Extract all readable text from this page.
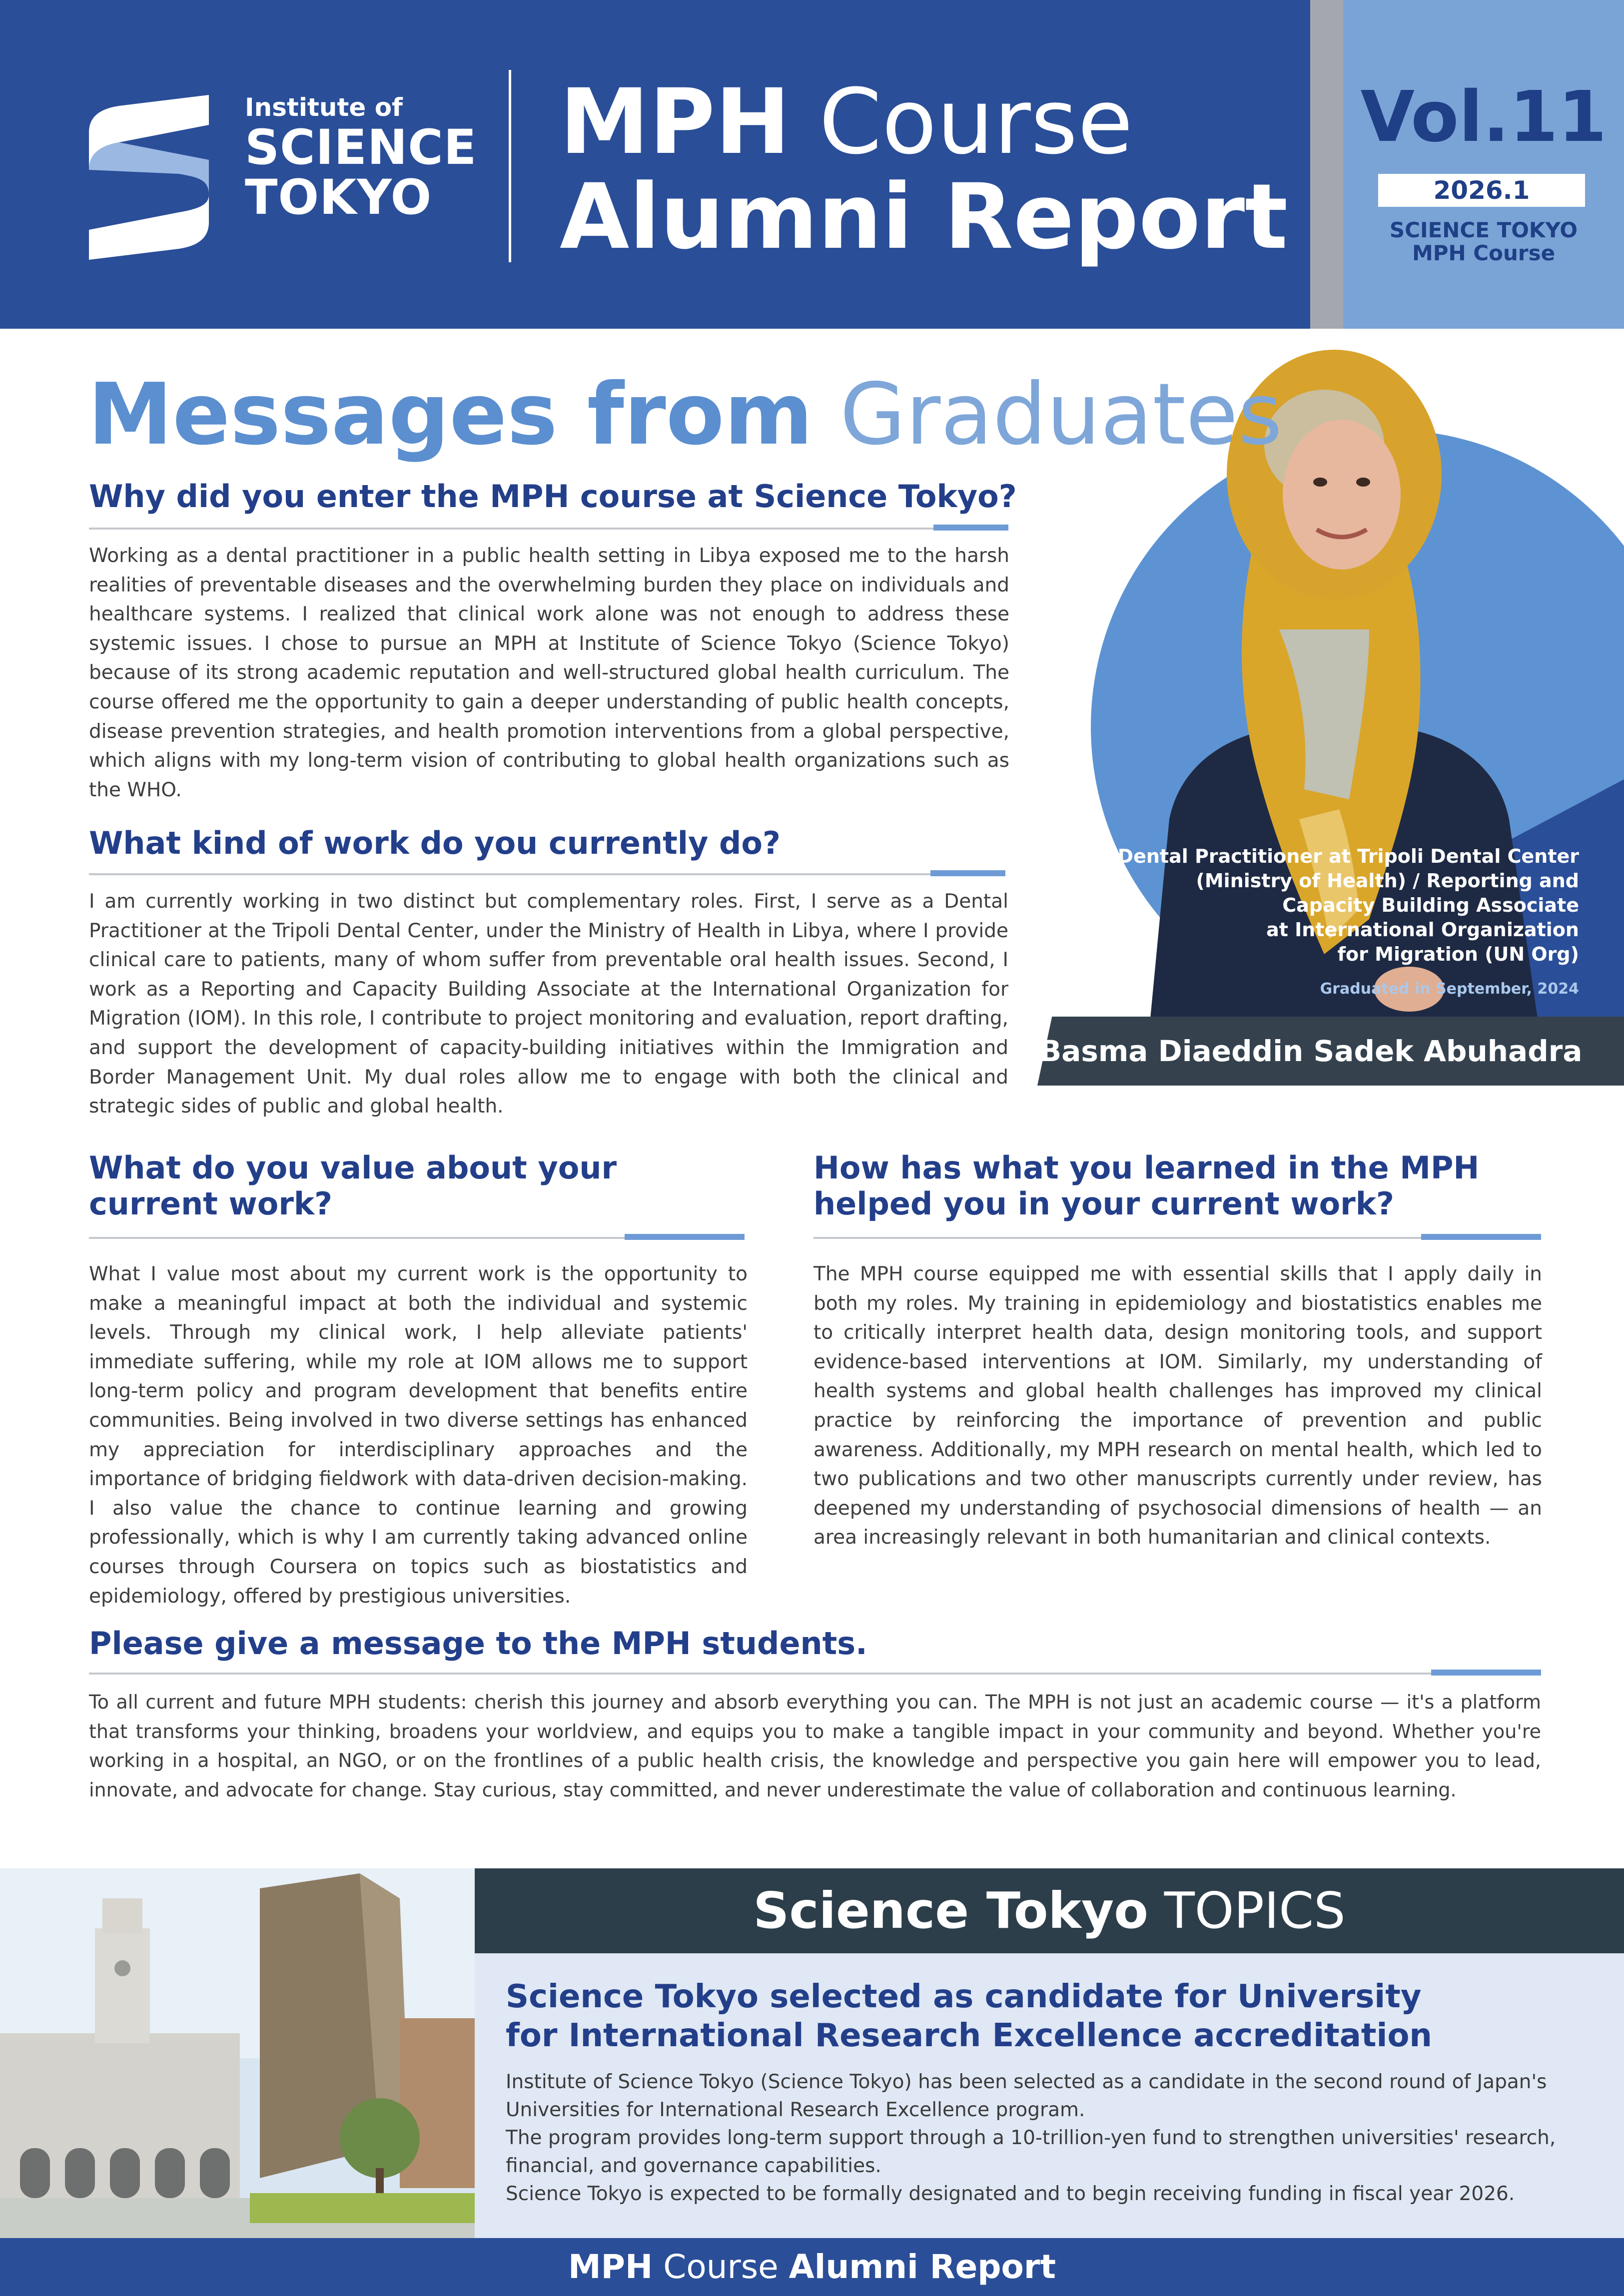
Institute of
SCIENCE
TOKYO
MPH Course
Alumni Report
Vol.11
2026.1
SCIENCE TOKYO
MPH Course
Dental Practitioner at Tripoli Dental Center
(Ministry of Health) / Reporting and
Capacity Building Associate
at International Organization
for Migration (UN Org)
Graduated in September, 2024
Basma Diaeddin Sadek Abuhadra
Messages from Graduates
Why did you enter the MPH course at Science Tokyo?
Working as a dental practitioner in a public health setting in Libya exposed me to the harsh realities of preventable diseases and the overwhelming burden they place on individuals and healthcare systems. I realized that clinical work alone was not enough to address these systemic issues. I chose to pursue an MPH at Institute of Science Tokyo (Science Tokyo) because of its strong academic reputation and well-structured global health curriculum. The course offered me the opportunity to gain a deeper understanding of public health concepts, disease prevention strategies, and health promotion interventions from a global perspective, which aligns with my long-term vision of contributing to global health organizations such as the WHO.
What kind of work do you currently do?
I am currently working in two distinct but complementary roles. First, I serve as a Dental Practitioner at the Tripoli Dental Center, under the Ministry of Health in Libya, where I provide clinical care to patients, many of whom suffer from preventable oral health issues. Second, I work as a Reporting and Capacity Building Associate at the International Organization for Migration (IOM). In this role, I contribute to project monitoring and evaluation, report drafting, and support the development of capacity-building initiatives within the Immigration and Border Management Unit. My dual roles allow me to engage with both the clinical and strategic sides of public and global health.
What do you value about your
current work?
What I value most about my current work is the opportunity to make a meaningful impact at both the individual and systemic levels. Through my clinical work, I help alleviate patients' immediate suffering, while my role at IOM allows me to support long-term policy and program development that benefits entire communities. Being involved in two diverse settings has enhanced my appreciation for interdisciplinary approaches and the importance of bridging fieldwork with data-driven decision-making. I also value the chance to continue learning and growing professionally, which is why I am currently taking advanced online courses through Coursera on topics such as biostatistics and epidemiology, offered by prestigious universities.
How has what you learned in the MPH
helped you in your current work?
The MPH course equipped me with essential skills that I apply daily in both my roles. My training in epidemiology and biostatistics enables me to critically interpret health data, design monitoring tools, and support evidence-based interventions at IOM. Similarly, my understanding of health systems and global health challenges has improved my clinical practice by reinforcing the importance of prevention and public awareness. Additionally, my MPH research on mental health, which led to two publications and two other manuscripts currently under review, has deepened my understanding of psychosocial dimensions of health — an area increasingly relevant in both humanitarian and clinical contexts.
Please give a message to the MPH students.
To all current and future MPH students: cherish this journey and absorb everything you can. The MPH is not just an academic course — it's a platform that transforms your thinking, broadens your worldview, and equips you to make a tangible impact in your community and beyond. Whether you're working in a hospital, an NGO, or on the frontlines of a public health crisis, the knowledge and perspective you gain here will empower you to lead, innovate, and advocate for change. Stay curious, stay committed, and never underestimate the value of collaboration and continuous learning.
Science Tokyo TOPICS
Science Tokyo selected as candidate for University
for International Research Excellence accreditation
Institute of Science Tokyo (Science Tokyo) has been selected as a candidate in the second round of Japan's Universities for International Research Excellence program.
The program provides long-term support through a 10-trillion-yen fund to strengthen universities' research, financial, and governance capabilities.
Science Tokyo is expected to be formally designated and to begin receiving funding in fiscal year 2026.
MPH Course Alumni Report
